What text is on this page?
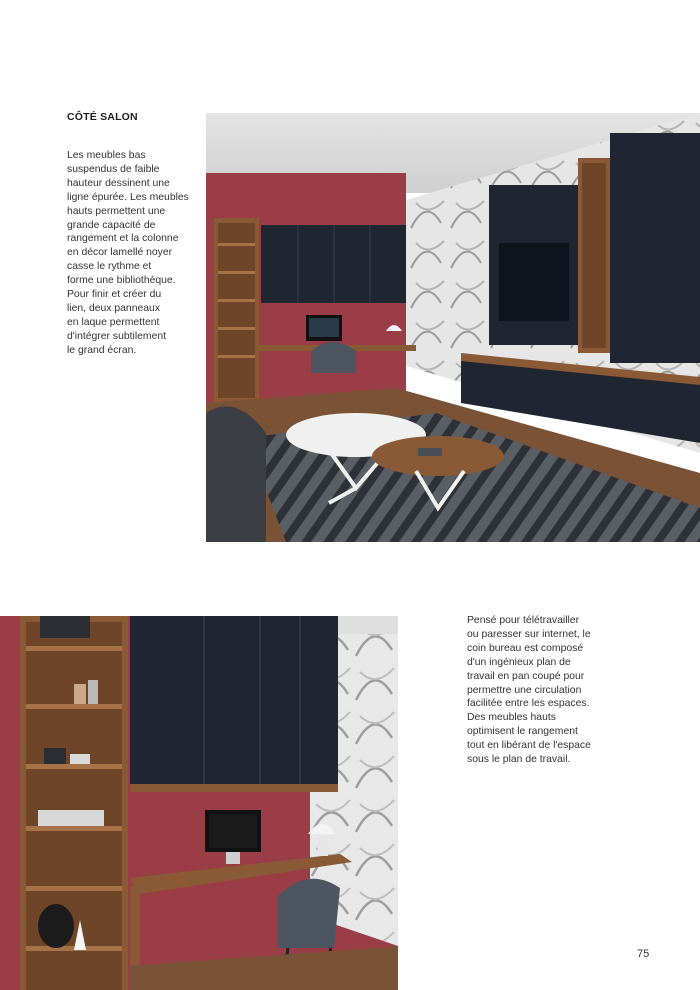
CÔTÉ SALON
Les meubles bas
suspendus de faible
hauteur dessinent une
ligne épurée. Les meubles
hauts permettent une
grande capacité de
rangement et la colonne
en décor lamellé noyer
casse le rythme et
forme une bibliothèque.
Pour finir et créer du
lien, deux panneaux
en laque permettent
d'intégrer subtilement
le grand écran.
Pensé pour télétravailler
ou paresser sur internet, le
coin bureau est composé
d'un ingénieux plan de
travail en pan coupé pour
permettre une circulation
facilitée entre les espaces.
Des meubles hauts
optimisent le rangement
tout en libérant de l'espace
sous le plan de travail.
75
